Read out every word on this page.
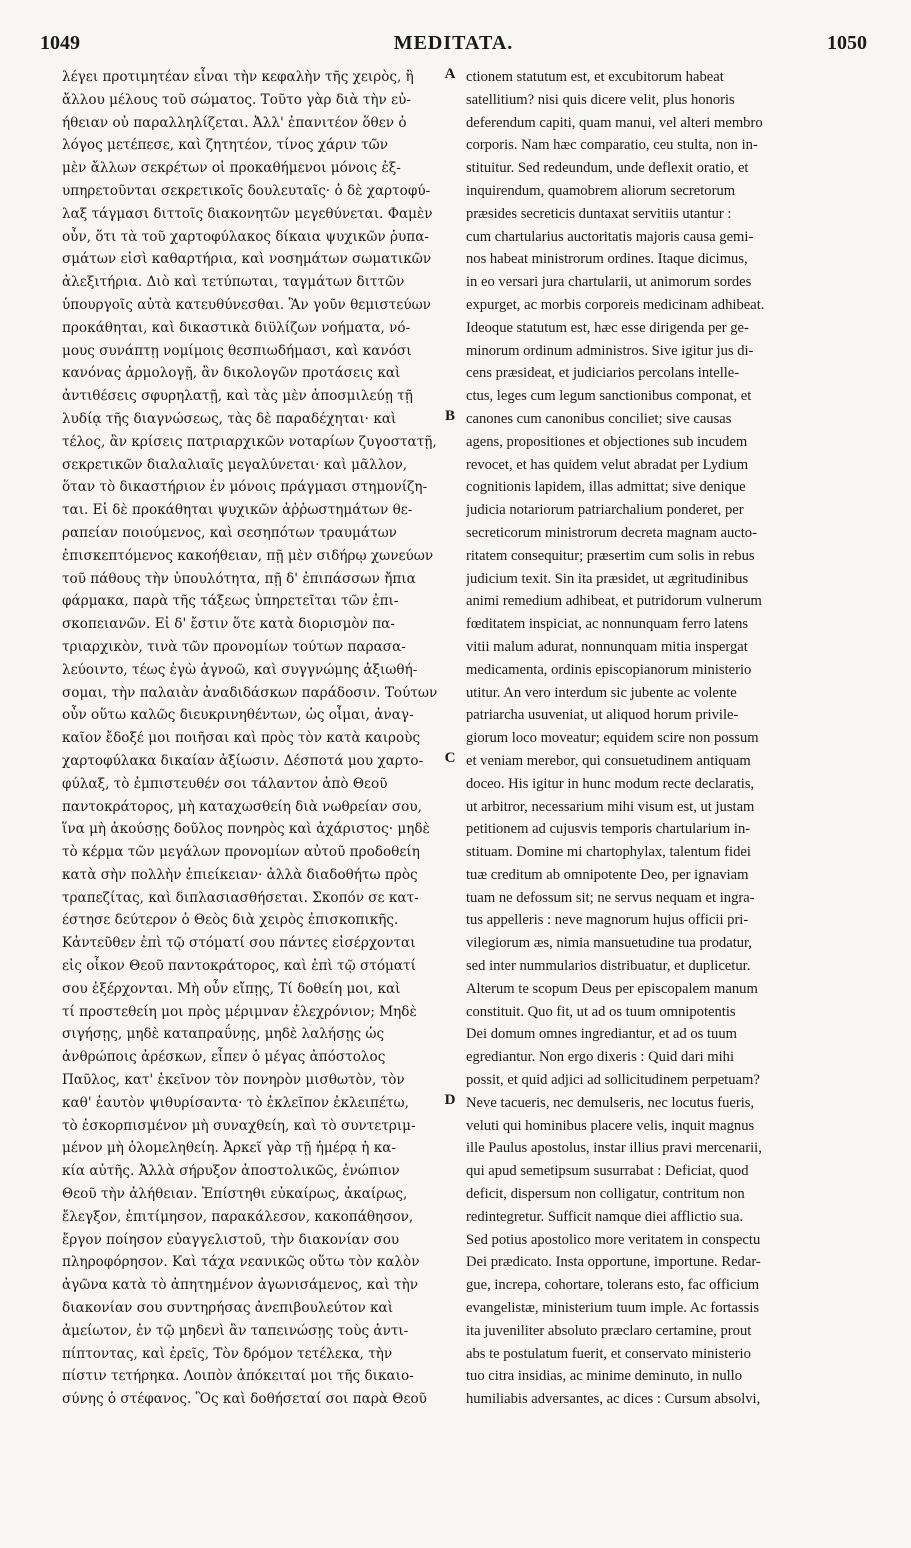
MEDITATA.
1049	1050
λέγει προτιμητέαν εἶναι τὴν κεφαλὴν τῆς χειρὸς, ἢ
ἄλλου μέλους τοῦ σώματος. Τοῦτο γὰρ διὰ τὴν εὐ-
ήθειαν οὐ παραλληλίζεται. Ἀλλ' ἐπανιτέον ὅθεν ὁ
λόγος μετέπεσε, καὶ ζητητέον, τίνος χάριν τῶν
μὲν ἄλλων σεκρέτων οἱ προκαθήμενοι μόνοις ἐξ-
υπηρετοῦνται σεκρετικοῖς δουλευταῖς· ὁ δὲ χαρτοφύ-
λαξ τάγμασι διττοῖς διακονητῶν μεγεθύνεται. Φαμὲν
οὖν, ὅτι τὰ τοῦ χαρτοφύλακος δίκαια ψυχικῶν ῥυπα-
σμάτων εἰσὶ καθαρτήρια, καὶ νοσημάτων σωματικῶν
ἀλεξιτήρια. Διὸ καὶ τετύπωται, ταγμάτων διττῶν
ὑπουργοῖς αὐτὰ κατευθύνεσθαι. Ἂν γοῦν θεμιστεύων
προκάθηται, καὶ δικαστικὰ διϋλίζων νοήματα, νό-
μους συνάπτῃ νομίμοις θεσπιωδήμασι, καὶ κανόσι
κανόνας ἁρμολογῇ, ἂν δικολογῶν προτάσεις καὶ
ἀντιθέσεις σφυρηλατῇ, καὶ τὰς μὲν ἀποσμιλεύῃ τῇ
λυδίᾳ τῆς διαγνώσεως, τὰς δὲ παραδέχηται· καὶ
τέλος, ἂν κρίσεις πατριαρχικῶν νοταρίων ζυγοστατῇ,
σεκρετικῶν διαλαλιαῖς μεγαλύνεται· καὶ μᾶλλον,
ὅταν τὸ δικαστήριον ἐν μόνοις πράγμασι στημονίζη-
ται. Εἰ δὲ προκάθηται ψυχικῶν ἀῤῥωστημάτων θε-
ραπείαν ποιούμενος, καὶ σεσηπότων τραυμάτων
ἐπισκεπτόμενος κακοήθειαν, πῇ μὲν σιδήρῳ χωνεύων
τοῦ πάθους τὴν ὑπουλότητα, πῇ δ' ἐπιπάσσων ἤπια
φάρμακα, παρὰ τῆς τάξεως ὑπηρετεῖται τῶν ἐπι-
σκοπειανῶν. Εἰ δ' ἔστιν ὅτε κατὰ διορισμὸν πα-
τριαρχικὸν, τινὰ τῶν προνομίων τούτων παρασα-
λεύοιντο, τέως ἐγὼ ἀγνοῶ, καὶ συγγνώμης ἀξιωθή-
σομαι, τὴν παλαιὰν ἀναδιδάσκων παράδοσιν. Τούτων
οὖν οὕτω καλῶς διευκρινηθέντων, ὡς οἶμαι, ἀναγ-
καῖον ἔδοξέ μοι ποιῆσαι καὶ πρὸς τὸν κατὰ καιροὺς
χαρτοφύλακα δικαίαν ἀξίωσιν. Δέσποτά μου χαρτο-
φύλαξ, τὸ ἐμπιστευθέν σοι τάλαντον ἀπὸ Θεοῦ
παντοκράτορος, μὴ καταχωσθείη διὰ νωθρείαν σου,
ἵνα μὴ ἀκούσῃς δοῦλος πονηρὸς καὶ ἀχάριστος· μηδὲ
τὸ κέρμα τῶν μεγάλων προνομίων αὐτοῦ προδοθείη
κατὰ σὴν πολλὴν ἐπιείκειαν· ἀλλὰ διαδοθήτω πρὸς
τραπεζίτας, καὶ διπλασιασθήσεται. Σκοπόν σε κατ-
έστησε δεύτερον ὁ Θεὸς διὰ χειρὸς ἐπισκοπικῆς.
Κἀντεῦθεν ἐπὶ τῷ στόματί σου πάντες εἰσέρχονται
εἰς οἶκον Θεοῦ παντοκράτορος, καὶ ἐπὶ τῷ στόματί
σου ἐξέρχονται. Μὴ οὖν εἴπῃς, Τί δοθείη μοι, καὶ
τί προστεθείη μοι πρὸς μέριμναν ἐλεχρόνιον; Μηδὲ
σιγήσῃς, μηδὲ καταπραΰνῃς, μηδὲ λαλήσῃς ὡς
ἀνθρώποις ἀρέσκων, εἶπεν ὁ μέγας ἀπόστολος
Παῦλος, κατ' ἐκεῖνον τὸν πονηρὸν μισθωτὸν, τὸν
καθ' ἑαυτὸν ψιθυρίσαντα· τὸ ἐκλεῖπον ἐκλειπέτω,
τὸ ἐσκορπισμένον μὴ συναχθείη, καὶ τὸ συντετριμ-
μένον μὴ ὁλομεληθείη. Ἀρκεῖ γὰρ τῇ ἡμέρᾳ ἡ κα-
κία αὐτῆς. Ἀλλὰ σήρυξον ἀποστολικῶς, ἐνώπιον
Θεοῦ τὴν ἀλήθειαν. Ἐπίστηθι εὐκαίρως, ἀκαίρως,
ἔλεγξον, ἐπιτίμησον, παρακάλεσον, κακοπάθησον,
ἔργον ποίησον εὐαγγελιστοῦ, τὴν διακονίαν σου
πληροφόρησον. Καὶ τάχα νεανικῶς οὕτω τὸν καλὸν
ἀγῶνα κατὰ τὸ ἀπητημένον ἀγωνισάμενος, καὶ τὴν
διακονίαν σου συντηρήσας ἀνεπιβουλεύτον καὶ
ἀμείωτον, ἐν τῷ μηδενὶ ἂν ταπεινώσῃς τοὺς ἀντι-
πίπτοντας, καὶ ἐρεῖς, Τὸν δρόμον τετέλεκα, τὴν
πίστιν τετήρηκα. Λοιπὸν ἀπόκειταί μοι τῆς δικαιο-
σύνης ὁ στέφανος. Ὃς καὶ δοθήσεταί σοι παρὰ Θεοῦ
ctionem statutum est, et excubitorum habeat
satellitium? nisi quis dicere velit, plus honoris
deferendum capiti, quam manui, vel alteri membro
corporis. Nam hæc comparatio, ceu stulta, non in-
stituitur. Sed redeundum, unde deflexit oratio, et
inquirendum, quamobrem aliorum secretorum
præsides secreticis duntaxat servitiis utantur :
cum chartularius auctoritatis majoris causa gemi-
nos habeat ministrorum ordines. Itaque dicimus,
in eo versari jura chartularii, ut animorum sordes
expurget, ac morbis corporeis medicinam adhibeat.
Ideoque statutum est, hæc esse dirigenda per ge-
minorum ordinum administros. Sive igitur jus di-
cens præsideat, et judiciarios percolans intelle-
ctus, leges cum legum sanctionibus componat, et
canones cum canonibus conciliet; sive causas
agens, propositiones et objectiones sub incudem
revocet, et has quidem velut abradat per Lydium
cognitionis lapidem, illas admittat; sive denique
judicia notariorum patriarchalium ponderet, per
secreticorum ministrorum decreta magnam aucto-
ritatem consequitur; præsertim cum solis in rebus
judicium texit. Sin ita præsidet, ut ægritudinibus
animi remedium adhibeat, et putridorum vulnerum
fœditatem inspiciat, ac nonnunquam ferro latens
vitii malum adurat, nonnunquam mitia inspergat
medicamenta, ordinis episcopianorum ministerio
utitur. An vero interdum sic jubente ac volente
patriarcha usuveniat, ut aliquod horum privile-
giorum loco moveatur; equidem scire non possum
et veniam merebor, qui consuetudinem antiquam
doceo. His igitur in hunc modum recte declaratis,
ut arbitror, necessarium mihi visum est, ut justam
petitionem ad cujusvis temporis chartularium in-
stituam. Domine mi chartophylax, talentum fidei
tuæ creditum ab omnipotente Deo, per ignaviam
tuam ne defossum sit; ne servus nequam et ingra-
tus appelleris : neve magnorum hujus officii pri-
vilegiorum æs, nimia mansuetudine tua prodatur,
sed inter nummularios distribuatur, et duplicetur.
Alterum te scopum Deus per episcopalem manum
constituit. Quo fit, ut ad os tuum omnipotentis
Dei domum omnes ingrediantur, et ad os tuum
egrediantur. Non ergo dixeris : Quid dari mihi
possit, et quid adjici ad sollicitudinem perpetuam?
Neve tacueris, nec demulseris, nec locutus fueris,
veluti qui hominibus placere velis, inquit magnus
ille Paulus apostolus, instar illius pravi mercenarii,
qui apud semetipsum susurrabat : Deficiat, quod
deficit, dispersum non colligatur, contritum non
redintegretur. Sufficit namque diei afflictio sua.
Sed potius apostolico more veritatem in conspectu
Dei prædicato. Insta opportune, importune. Redar-
gue, increpa, cohortare, tolerans esto, fac officium
evangelistæ, ministerium tuum imple. Ac fortassis
ita juveniliter absoluto præclaro certamine, prout
abs te postulatum fuerit, et conservato ministerio
tuo citra insidias, ac minime deminuto, in nullo
humiliabis adversantes, ac dices : Cursum absolvi,
A
B
C
D
